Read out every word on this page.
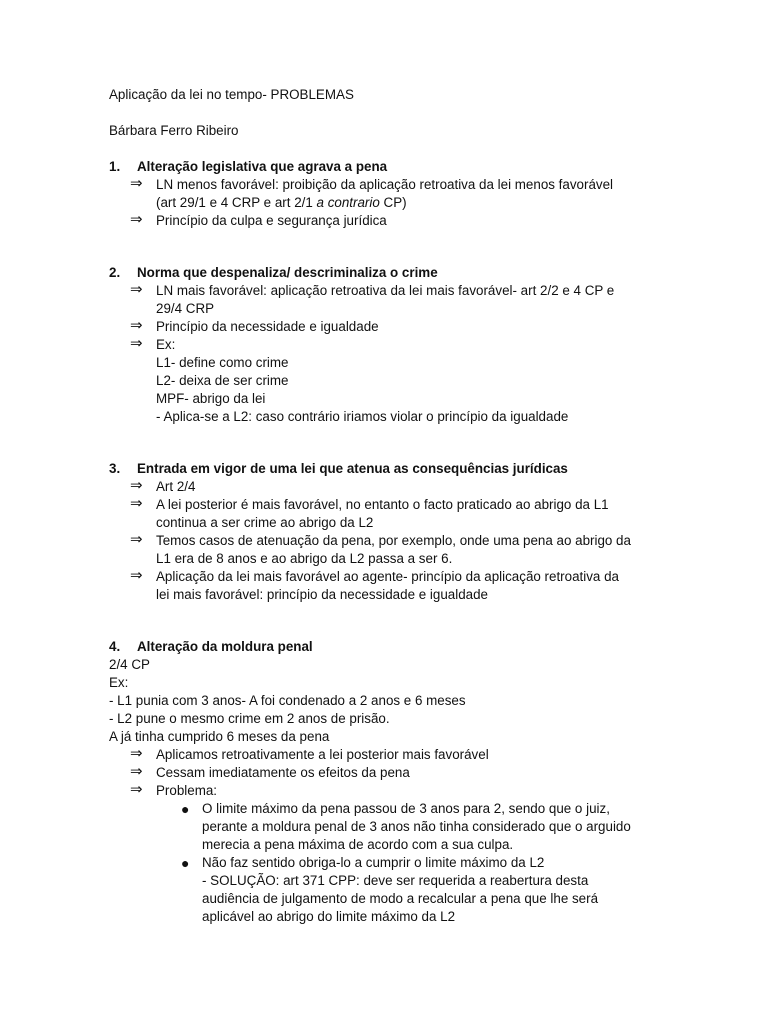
Aplicação da lei no tempo- PROBLEMAS
Bárbara Ferro Ribeiro
1. Alteração legislativa que agrava a pena
⇒ LN menos favorável: proibição da aplicação retroativa da lei menos favorável
(art 29/1 e 4 CRP e art 2/1 a contrario CP)
⇒ Princípio da culpa e segurança jurídica
2. Norma que despenaliza/ descriminaliza o crime
⇒ LN mais favorável: aplicação retroativa da lei mais favorável- art 2/2 e 4 CP e
29/4 CRP
⇒ Princípio da necessidade e igualdade
⇒ Ex:
L1- define como crime
L2- deixa de ser crime
MPF- abrigo da lei
- Aplica-se a L2: caso contrário iriamos violar o princípio da igualdade
3. Entrada em vigor de uma lei que atenua as consequências jurídicas
⇒ Art 2/4
⇒ A lei posterior é mais favorável, no entanto o facto praticado ao abrigo da L1
continua a ser crime ao abrigo da L2
⇒ Temos casos de atenuação da pena, por exemplo, onde uma pena ao abrigo da
L1 era de 8 anos e ao abrigo da L2 passa a ser 6.
⇒ Aplicação da lei mais favorável ao agente- princípio da aplicação retroativa da
lei mais favorável: princípio da necessidade e igualdade
4. Alteração da moldura penal
2/4 CP
Ex:
- L1 punia com 3 anos- A foi condenado a 2 anos e 6 meses
- L2 pune o mesmo crime em 2 anos de prisão.
A já tinha cumprido 6 meses da pena
⇒ Aplicamos retroativamente a lei posterior mais favorável
⇒ Cessam imediatamente os efeitos da pena
⇒ Problema:
● O limite máximo da pena passou de 3 anos para 2, sendo que o juiz,
perante a moldura penal de 3 anos não tinha considerado que o arguido
merecia a pena máxima de acordo com a sua culpa.
● Não faz sentido obriga-lo a cumprir o limite máximo da L2
- SOLUÇÃO: art 371 CPP: deve ser requerida a reabertura desta
audiência de julgamento de modo a recalcular a pena que lhe será
aplicável ao abrigo do limite máximo da L2
